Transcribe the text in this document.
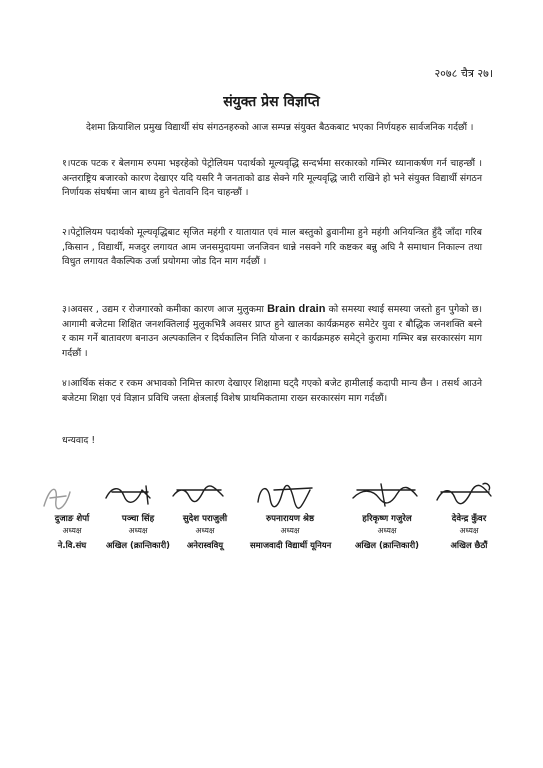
२०७८ चैत्र २७।
संयुक्त प्रेस विज्ञप्ति

देशमा क्रियाशिल प्रमुख विद्यार्थी संघ संगठनहरुको आज सम्पन्न संयुक्त बैठकबाट भएका निर्णयहरु सार्वजनिक गर्दछौं ।

१।पटक पटक र बेलगाम रुपमा भइरहेको पेट्रोलियम पदार्थको मूल्यवृद्धि सन्दर्भमा सरकारको गम्भिर ध्यानाकर्षण गर्न चाहन्छौं । अन्तराष्ट्रिय बजारको कारण देखाएर यदि यसरि नै जनताको ढाड सेक्ने गरि मूल्यवृद्धि जारी राखिने हो भने संयुक्त विद्यार्थी संगठन निर्णायक संघर्षमा जान बाध्य हुने चेतावनि दिन चाहन्छौं ।

२।पेट्रोलियम पदार्थको मूल्यवृद्धिबाट सृजित महंगी र यातायात एवं माल बस्तुको ढुवानीमा हुने महंगी अनियन्त्रित हुँदै जाँदा गरिब ,किसान , विद्यार्थी, मजदुर लगायत आम जनसमुदायमा जनजिवन धान्ने नसक्ने गरि कष्टकर बन्नु अघि नै समाधान निकाल्न तथा विधुत लगायत वैकल्पिक उर्जा प्रयोगमा जोड दिन माग गर्दछौं ।

३।अवसर , उद्यम र रोजगारको कमीका कारण आज मुलुकमा Brain drain को समस्या स्थाई समस्या जस्तो हुन पुगेको छ। आगामी बजेटमा शिक्षित जनशक्तिलाई मुलुकभित्रै अवसर प्राप्त हुने खालका कार्यक्रमहरु समेटेर युवा र बौद्धिक जनशक्ति बस्ने र काम गर्ने बातावरण बनाउन अल्पकालिन र दिर्घकालिन निति योजना र कार्यक्रमहरु समेट्ने कुरामा गम्भिर बन्न सरकारसंग माग गर्दछौं ।

४।आर्थिक संकट र रकम अभावको निमित्त कारण देखाएर शिक्षामा घट्दै गएको बजेट हामीलाई कदापी मान्य छैन । तसर्थ आउने बजेटमा शिक्षा एवं विज्ञान प्रविधि जस्ता क्षेत्रलाई विशेष प्राथमिकतामा राख्न सरकारसंग माग गर्दछौं।

धन्यवाद !
दुजाङ शेर्पा
अध्यक्ष
ने.वि.संघ
पञ्चा सिंह
अध्यक्ष
अखिल (क्रान्तिकारी)
सुदेश पराजुली
अध्यक्ष
अनेरास्ववियू
रुपनारायण श्रेष्ठ
अध्यक्ष
समाजवादी विद्यार्थी यूनियन
हरिकृष्ण गजुरेल
अध्यक्ष
अखिल (क्रान्तिकारी)
देवेन्द्र कुँवर
अध्यक्ष
अखिल छैठौं
